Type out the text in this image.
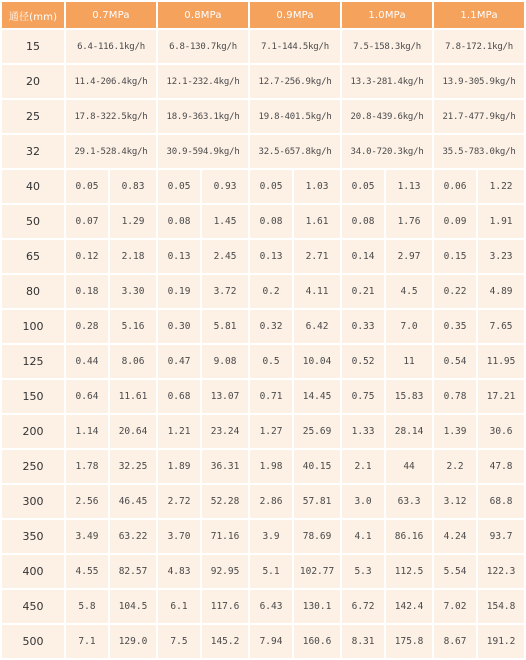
通径(mm)	0.7MPa		0.8MPa		0.9MPa		1.0MPa		1.1MPa	
15	6.4-116.1kg/h		6.8-130.7kg/h		7.1-144.5kg/h		7.5-158.3kg/h		7.8-172.1kg/h	
20	11.4-206.4kg/h		12.1-232.4kg/h		12.7-256.9kg/h		13.3-281.4kg/h		13.9-305.9kg/h	
25	17.8-322.5kg/h		18.9-363.1kg/h		19.8-401.5kg/h		20.8-439.6kg/h		21.7-477.9kg/h	
32	29.1-528.4kg/h		30.9-594.9kg/h		32.5-657.8kg/h		34.0-720.3kg/h		35.5-783.0kg/h	
40	0.05	0.83	0.05	0.93	0.05	1.03	0.05	1.13	0.06	1.22
50	0.07	1.29	0.08	1.45	0.08	1.61	0.08	1.76	0.09	1.91
65	0.12	2.18	0.13	2.45	0.13	2.71	0.14	2.97	0.15	3.23
80	0.18	3.30	0.19	3.72	0.2	4.11	0.21	4.5	0.22	4.89
100	0.28	5.16	0.30	5.81	0.32	6.42	0.33	7.0	0.35	7.65
125	0.44	8.06	0.47	9.08	0.5	10.04	0.52	11	0.54	11.95
150	0.64	11.61	0.68	13.07	0.71	14.45	0.75	15.83	0.78	17.21
200	1.14	20.64	1.21	23.24	1.27	25.69	1.33	28.14	1.39	30.6
250	1.78	32.25	1.89	36.31	1.98	40.15	2.1	44	2.2	47.8
300	2.56	46.45	2.72	52.28	2.86	57.81	3.0	63.3	3.12	68.8
350	3.49	63.22	3.70	71.16	3.9	78.69	4.1	86.16	4.24	93.7
400	4.55	82.57	4.83	92.95	5.1	102.77	5.3	112.5	5.54	122.3
450	5.8	104.5	6.1	117.6	6.43	130.1	6.72	142.4	7.02	154.8
500	7.1	129.0	7.5	145.2	7.94	160.6	8.31	175.8	8.67	191.2
